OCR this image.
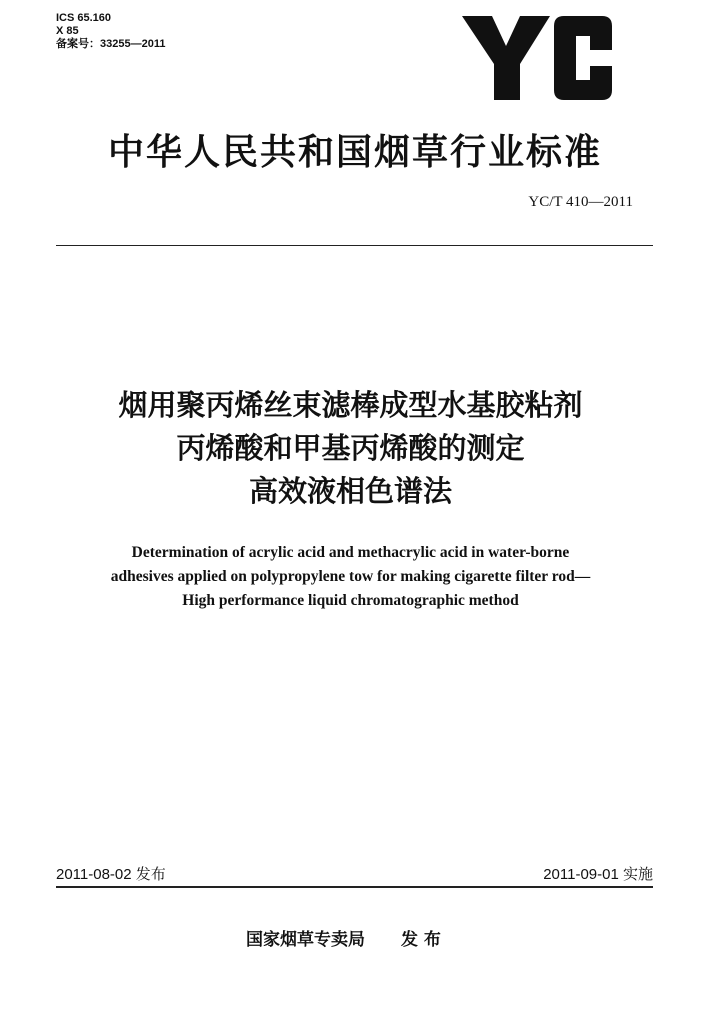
ICS 65.160
X 85
备案号：33255—2011
中华人民共和国烟草行业标准
YC/T 410—2011
烟用聚丙烯丝束滤棒成型水基胶粘剂
丙烯酸和甲基丙烯酸的测定
高效液相色谱法
Determination of acrylic acid and methacrylic acid in water-borne
adhesives applied on polypropylene tow for making cigarette filter rod—
High performance liquid chromatographic method
2011-08-02 发布	2011-09-01 实施
国家烟草专卖局 发 布
